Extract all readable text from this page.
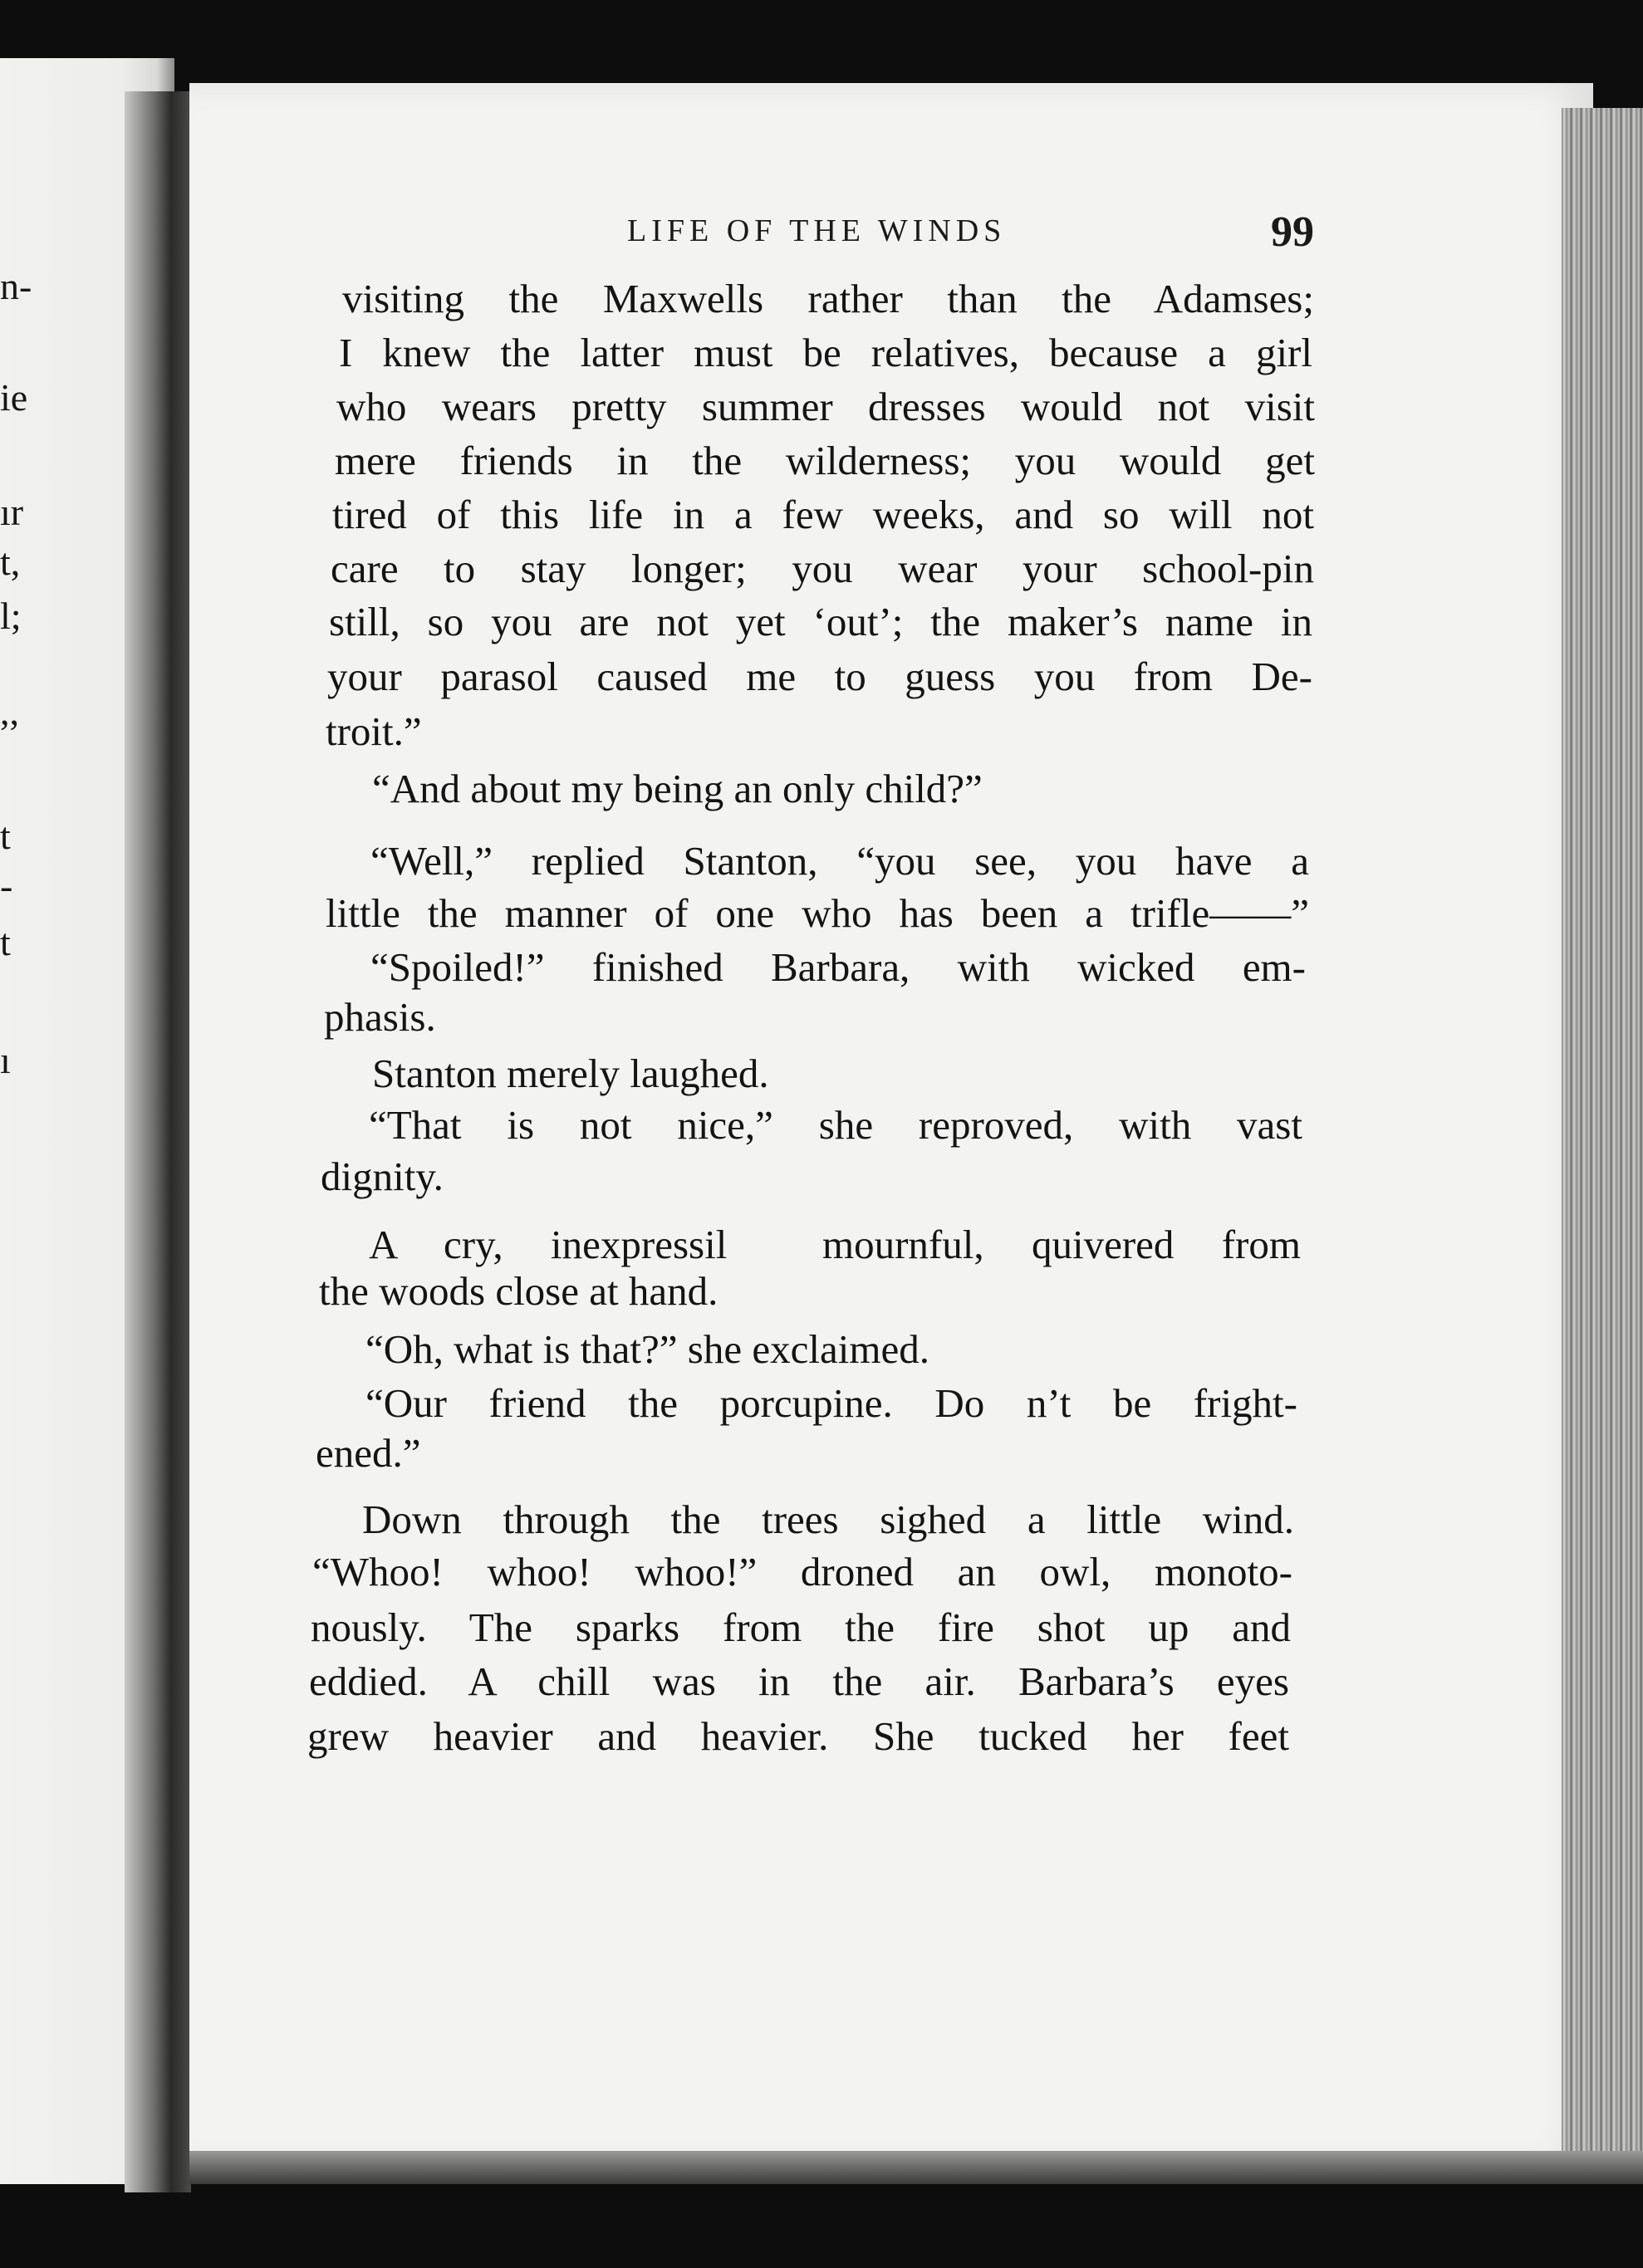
n-
ie
ır
t,
l;
,,
t
-
t
ı
LIFE OF THE WINDS	99
visiting the Maxwells rather than the Adamses;
I knew the latter must be relatives, because a girl
who wears pretty summer dresses would not visit
mere friends in the wilderness; you would get
tired of this life in a few weeks, and so will not
care to stay longer; you wear your school-pin
still, so you are not yet ‘out’; the maker’s name in
your parasol caused me to guess you from De-
troit.”
“And about my being an only child?”
“Well,” replied Stanton, “you see, you have a
little the manner of one who has been a trifle——”
“Spoiled!” finished Barbara, with wicked em-
phasis.
Stanton merely laughed.
“That is not nice,” she reproved, with vast
dignity.
A cry, inexpressil  mournful, quivered from
the woods close at hand.
“Oh, what is that?” she exclaimed.
“Our friend the porcupine. Do n’t be fright-
ened.”
Down through the trees sighed a little wind.
“Whoo! whoo! whoo!” droned an owl, monoto-
nously. The sparks from the fire shot up and
eddied. A chill was in the air. Barbara’s eyes
grew heavier and heavier. She tucked her feet
